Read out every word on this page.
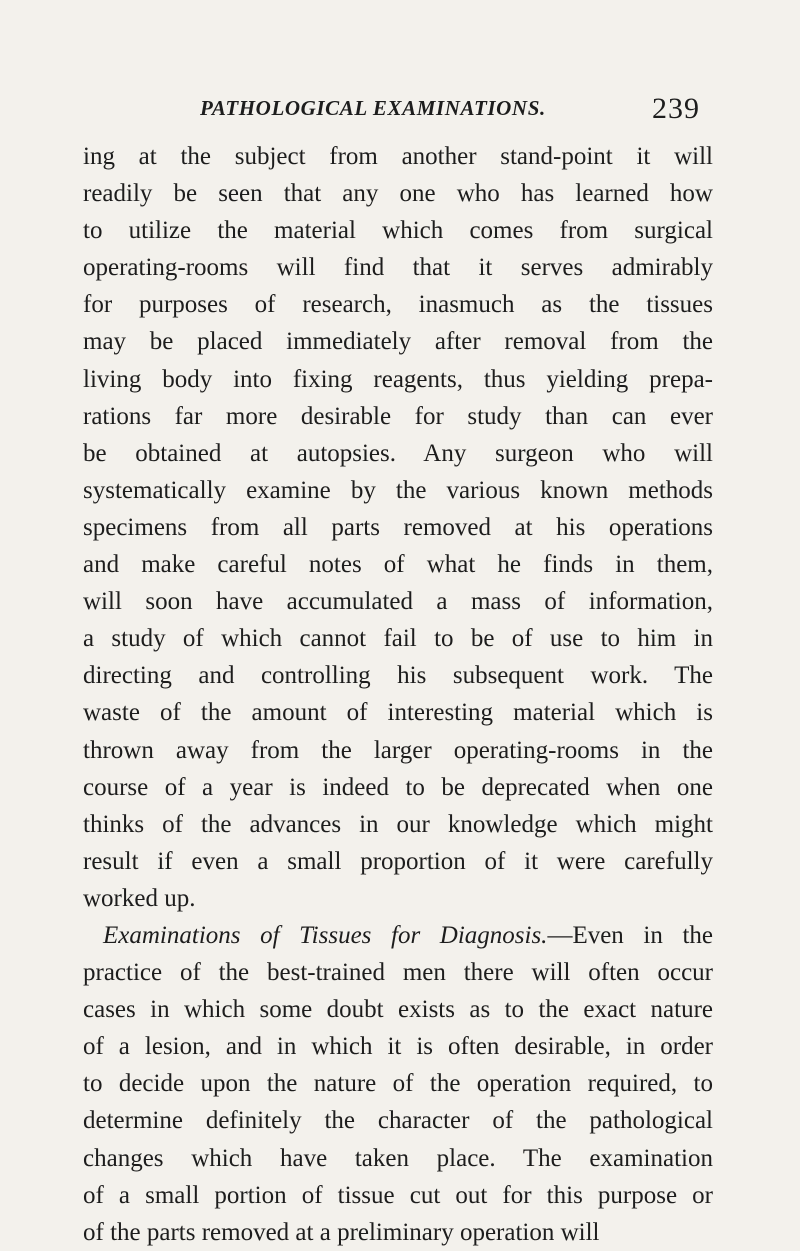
PATHOLOGICAL EXAMINATIONS.	239
ing at the subject from another stand-point it will
readily be seen that any one who has learned how
to utilize the material which comes from surgical
operating-rooms will find that it serves admirably
for purposes of research, inasmuch as the tissues
may be placed immediately after removal from the
living body into fixing reagents, thus yielding prepa-
rations far more desirable for study than can ever
be obtained at autopsies. Any surgeon who will
systematically examine by the various known methods
specimens from all parts removed at his operations
and make careful notes of what he finds in them,
will soon have accumulated a mass of information,
a study of which cannot fail to be of use to him in
directing and controlling his subsequent work. The
waste of the amount of interesting material which is
thrown away from the larger operating-rooms in the
course of a year is indeed to be deprecated when one
thinks of the advances in our knowledge which might
result if even a small proportion of it were carefully
worked up.
Examinations of Tissues for Diagnosis.—Even in the
practice of the best-trained men there will often occur
cases in which some doubt exists as to the exact nature
of a lesion, and in which it is often desirable, in order
to decide upon the nature of the operation required, to
determine definitely the character of the pathological
changes which have taken place. The examination
of a small portion of tissue cut out for this purpose or
of the parts removed at a preliminary operation will
